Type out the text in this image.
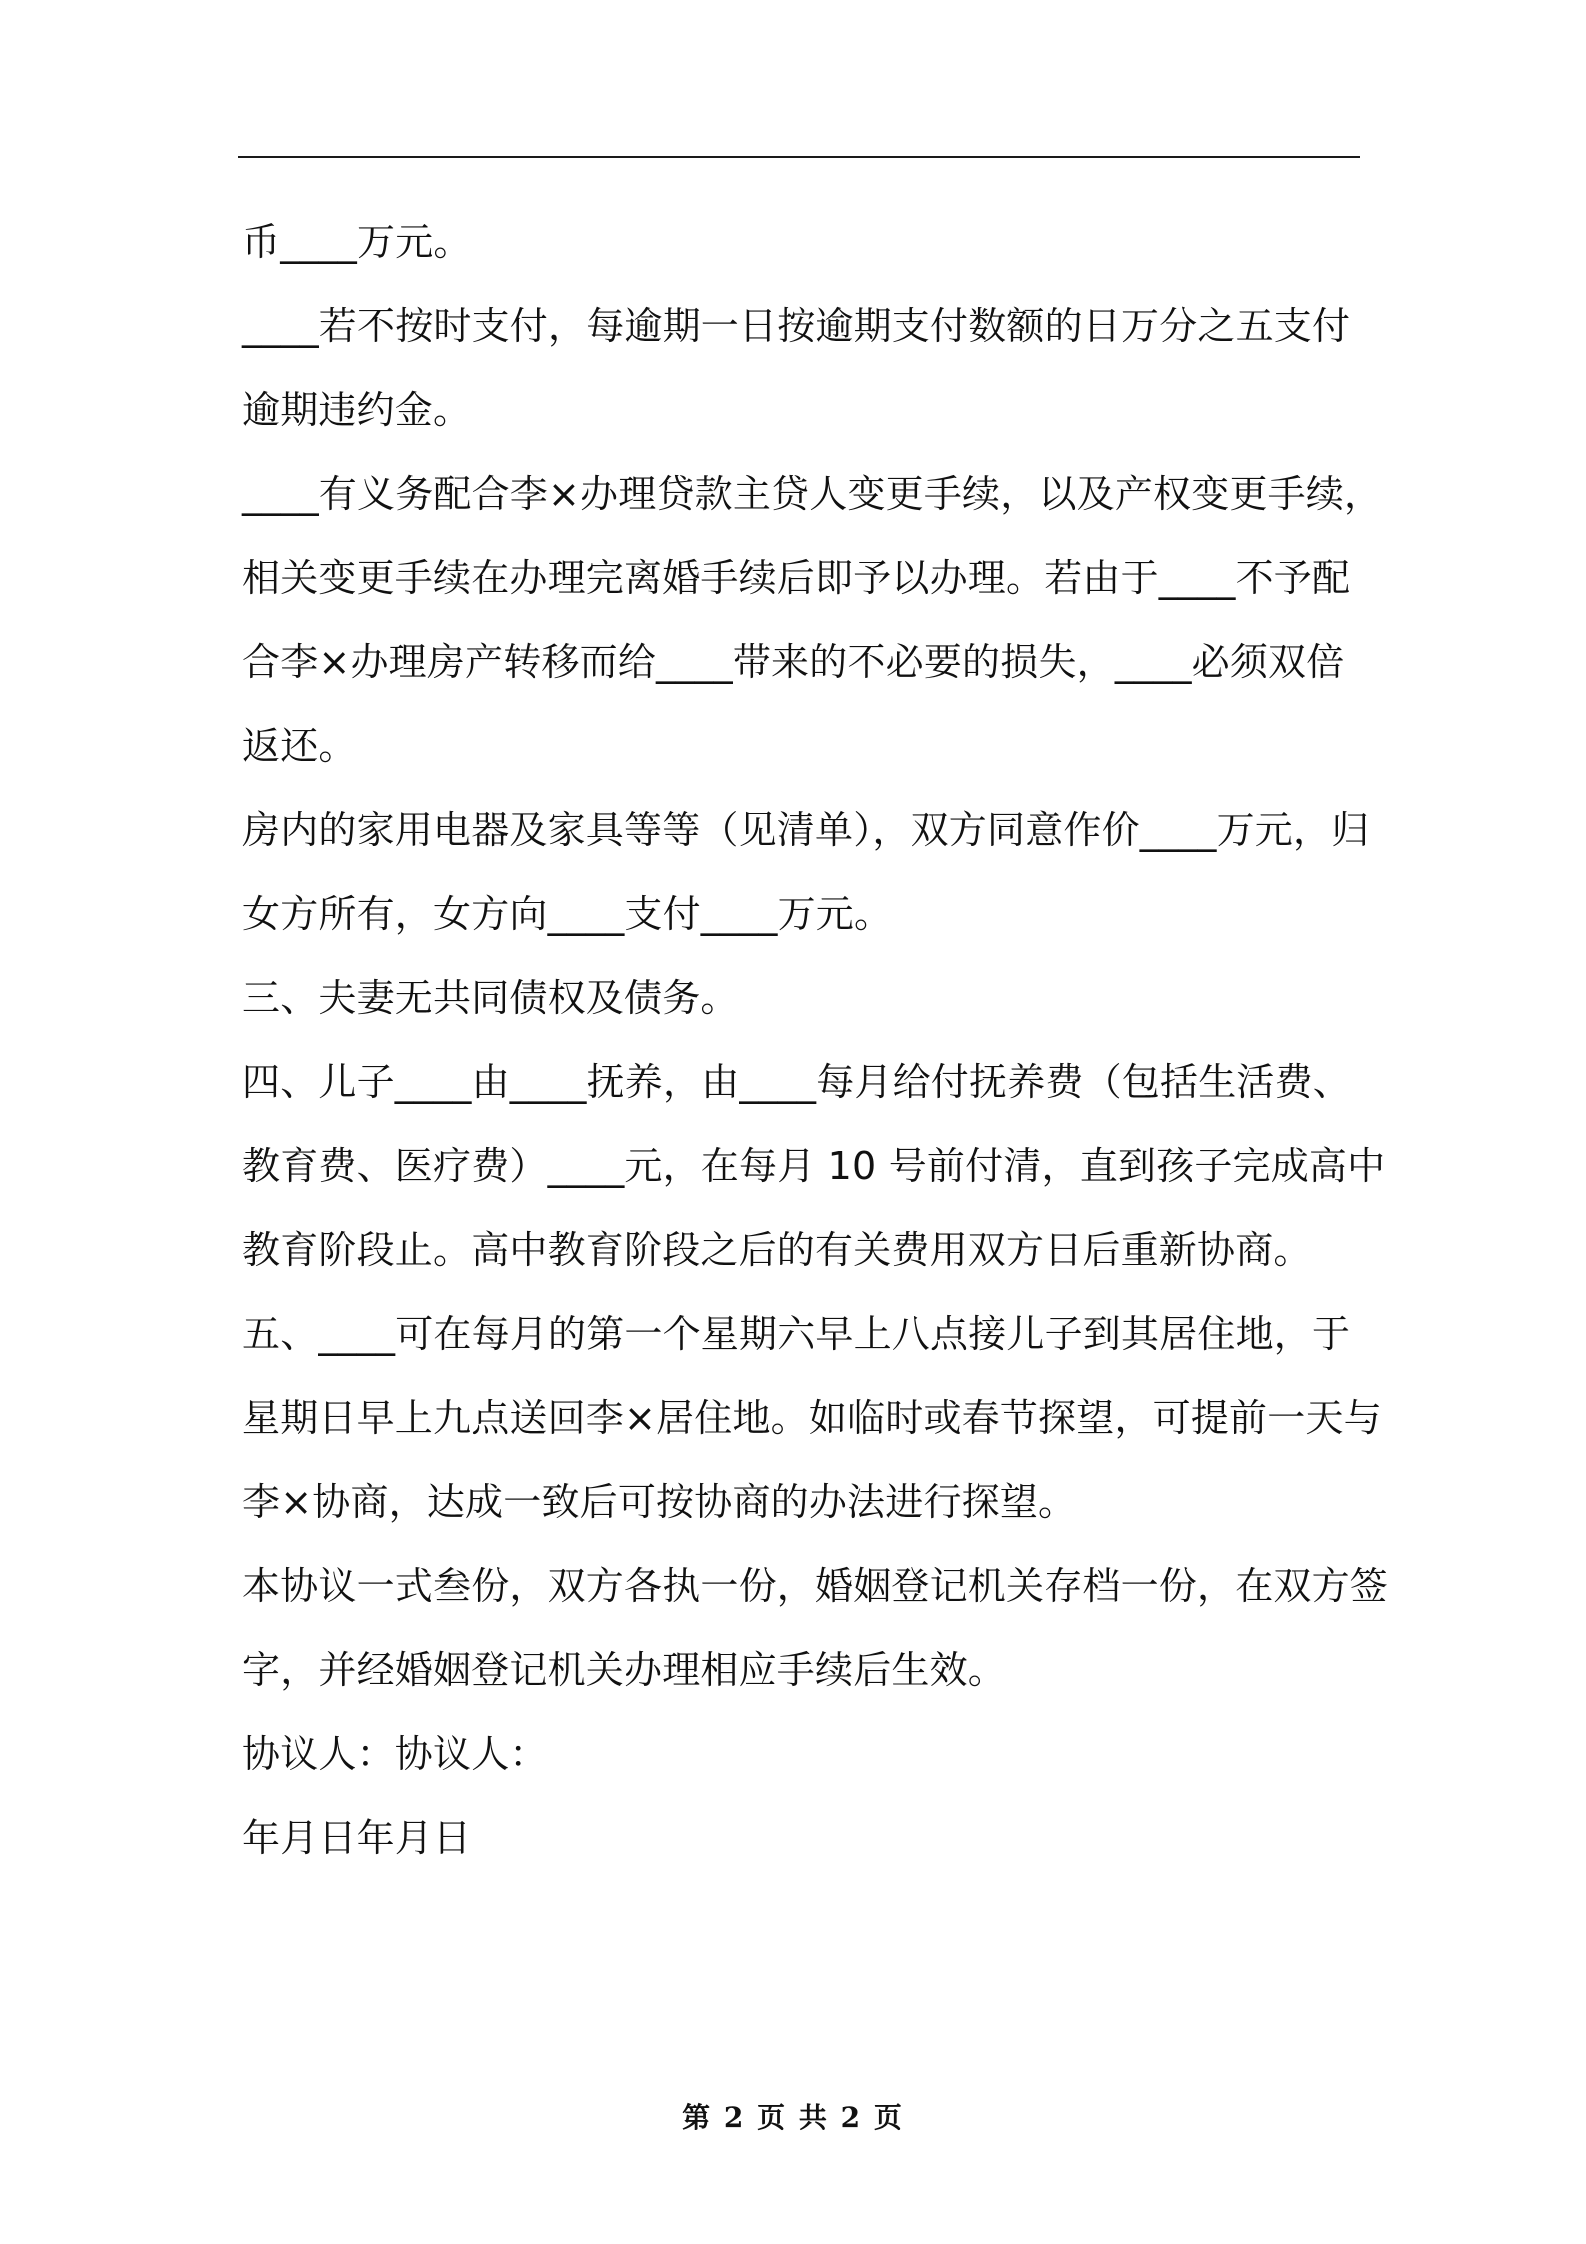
币____万元。
____若不按时支付，每逾期一日按逾期支付数额的日万分之五支付
逾期违约金。
____有义务配合李×办理贷款主贷人变更手续，以及产权变更手续，
相关变更手续在办理完离婚手续后即予以办理。若由于____不予配
合李×办理房产转移而给____带来的不必要的损失，____必须双倍
返还。
房内的家用电器及家具等等（见清单），双方同意作价____万元，归
女方所有，女方向____支付____万元。
三、夫妻无共同债权及债务。
四、儿子____由____抚养，由____每月给付抚养费（包括生活费、
教育费、医疗费）____元，在每月 10 号前付清，直到孩子完成高中
教育阶段止。高中教育阶段之后的有关费用双方日后重新协商。
五、____可在每月的第一个星期六早上八点接儿子到其居住地，于
星期日早上九点送回李×居住地。如临时或春节探望，可提前一天与
李×协商，达成一致后可按协商的办法进行探望。
本协议一式叁份，双方各执一份，婚姻登记机关存档一份，在双方签
字，并经婚姻登记机关办理相应手续后生效。
协议人：协议人：
年月日年月日
第 2 页 共 2 页
